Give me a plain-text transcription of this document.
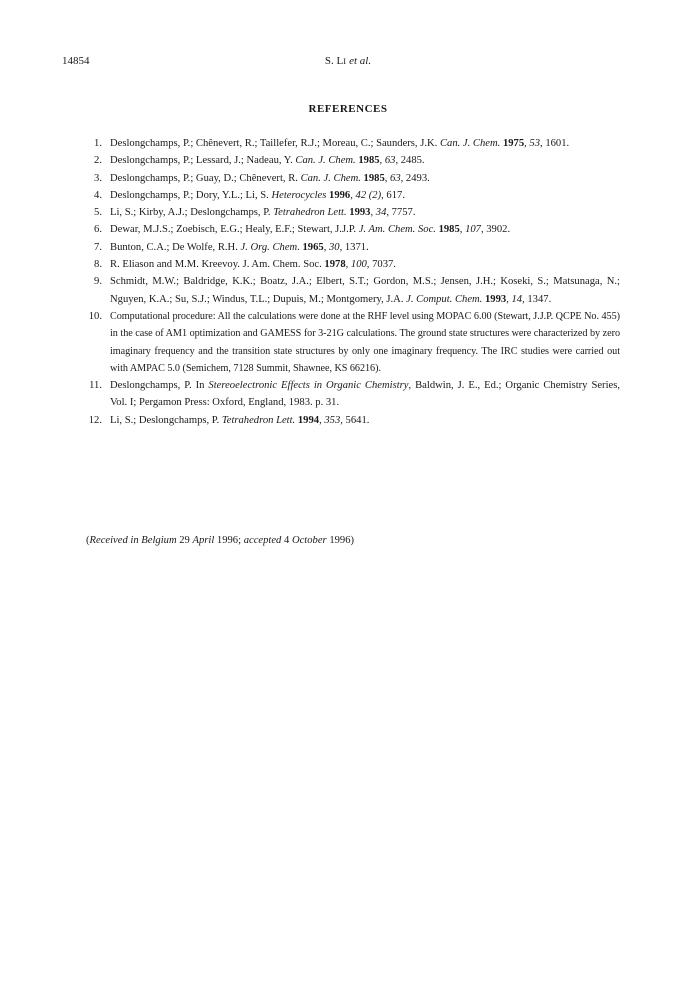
14854	S. LI et al.
REFERENCES
1 . Deslongchamps, P.; Chênevert, R.; Taillefer, R.J.; Moreau, C.; Saunders, J.K. Can. J. Chem. 1975, 53, 1601.
2 . Deslongchamps, P.; Lessard, J.; Nadeau, Y. Can. J. Chem. 1985, 63, 2485.
3 . Deslongchamps, P.; Guay, D.; Chênevert, R. Can. J. Chem. 1985, 63, 2493.
4 . Deslongchamps, P.; Dory, Y.L.; Li, S. Heterocycles 1996, 42 (2), 617.
5 . Li, S.; Kirby, A.J.; Deslongchamps, P. Tetrahedron Lett. 1993, 34, 7757.
6 . Dewar, M.J.S.; Zoebisch, E.G.; Healy, E.F.; Stewart, J.J.P. J. Am. Chem. Soc. 1985, 107, 3902.
7 . Bunton, C.A.; De Wolfe, R.H. J. Org. Chem. 1965, 30, 1371.
8 . R. Eliason and M.M. Kreevoy. J. Am. Chem. Soc. 1978, 100, 7037.
9 . Schmidt, M.W.; Baldridge, K.K.; Boatz, J.A.; Elbert, S.T.; Gordon, M.S.; Jensen, J.H.; Koseki, S.; Matsunaga, N.; Nguyen, K.A.; Su, S.J.; Windus, T.L.; Dupuis, M.; Montgomery, J.A. J. Comput. Chem. 1993, 14, 1347.
10 . Computational procedure: All the calculations were done at the RHF level using MOPAC 6.00 (Stewart, J.J.P. QCPE No. 455) in the case of AM1 optimization and GAMESS for 3-21G calculations. The ground state structures were characterized by zero imaginary frequency and the transition state structures by only one imaginary frequency. The IRC studies were carried out with AMPAC 5.0 (Semichem, 7128 Summit, Shawnee, KS 66216).
11 . Deslongchamps, P. In Stereoelectronic Effects in Organic Chemistry, Baldwin, J. E., Ed.; Organic Chemistry Series, Vol. I; Pergamon Press: Oxford, England, 1983. p. 31.
12 . Li, S.; Deslongchamps, P. Tetrahedron Lett. 1994, 353, 5641.
(Received in Belgium 29 April 1996; accepted 4 October 1996)
